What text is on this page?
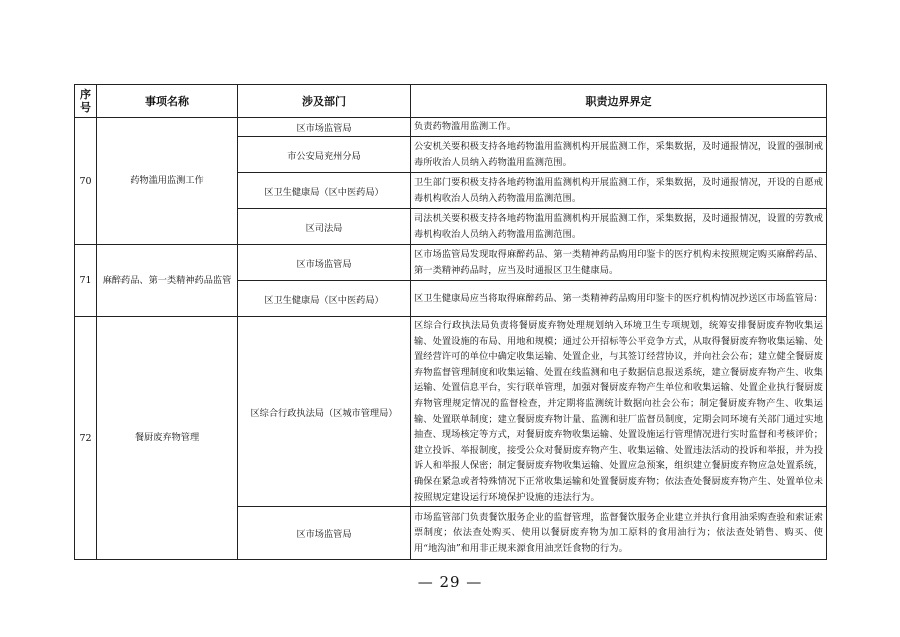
序号	事项名称	涉及部门	职责边界界定
70	药物滥用监测工作	区市场监管局	负责药物滥用监测工作。
		市公安局兖州分局	公安机关要积极支持各地药物滥用监测机构开展监测工作，采集数据，及时通报情况，设置的强制戒毒所收治人员纳入药物滥用监测范围。
		区卫生健康局（区中医药局）	卫生部门要积极支持各地药物滥用监测机构开展监测工作，采集数据，及时通报情况，开设的自愿戒毒机构收治人员纳入药物滥用监测范围。
		区司法局	司法机关要积极支持各地药物滥用监测机构开展监测工作，采集数据，及时通报情况，设置的劳教戒毒机构收治人员纳入药物滥用监测范围。
71	麻醉药品、第一类精神药品监管	区市场监管局	区市场监管局发现取得麻醉药品、第一类精神药品购用印鉴卡的医疗机构未按照规定购买麻醉药品、第一类精神药品时，应当及时通报区卫生健康局。
		区卫生健康局（区中医药局）	区卫生健康局应当将取得麻醉药品、第一类精神药品购用印鉴卡的医疗机构情况抄送区市场监管局：
72	餐厨废弃物管理	区综合行政执法局（区城市管理局）	区综合行政执法局负责将餐厨废弃物处理规划纳入环境卫生专项规划，统筹安排餐厨废弃物收集运输、处置设施的布局、用地和规模；通过公开招标等公平竞争方式，从取得餐厨废弃物收集运输、处置经营许可的单位中确定收集运输、处置企业，与其签订经营协议，并向社会公布；建立健全餐厨废弃物监督管理制度和收集运输、处置在线监测和电子数据信息报送系统，建立餐厨废弃物产生、收集运输、处置信息平台，实行联单管理，加强对餐厨废弃物产生单位和收集运输、处置企业执行餐厨废弃物管理规定情况的监督检查，并定期将监测统计数据向社会公布；制定餐厨废弃物产生、收集运输、处置联单制度；建立餐厨废弃物计量、监测和驻厂监督员制度，定期会同环境有关部门通过实地抽查、现场核定等方式，对餐厨废弃物收集运输、处置设施运行管理情况进行实时监督和考核评价；建立投诉、举报制度，接受公众对餐厨废弃物产生、收集运输、处置违法活动的投诉和举报，并为投诉人和举报人保密；制定餐厨废弃物收集运输、处置应急预案，组织建立餐厨废弃物应急处置系统，确保在紧急或者特殊情况下正常收集运输和处置餐厨废弃物；依法查处餐厨废弃物产生、处置单位未按照规定建设运行环境保护设施的违法行为。
		区市场监管局	市场监管部门负责餐饮服务企业的监督管理，监督餐饮服务企业建立并执行食用油采购查验和索证索票制度；依法查处购买、使用以餐厨废弃物为加工原料的食用油行为；依法查处销售、购买、使用“地沟油”和用非正规来源食用油烹饪食物的行为。
— 29 —
